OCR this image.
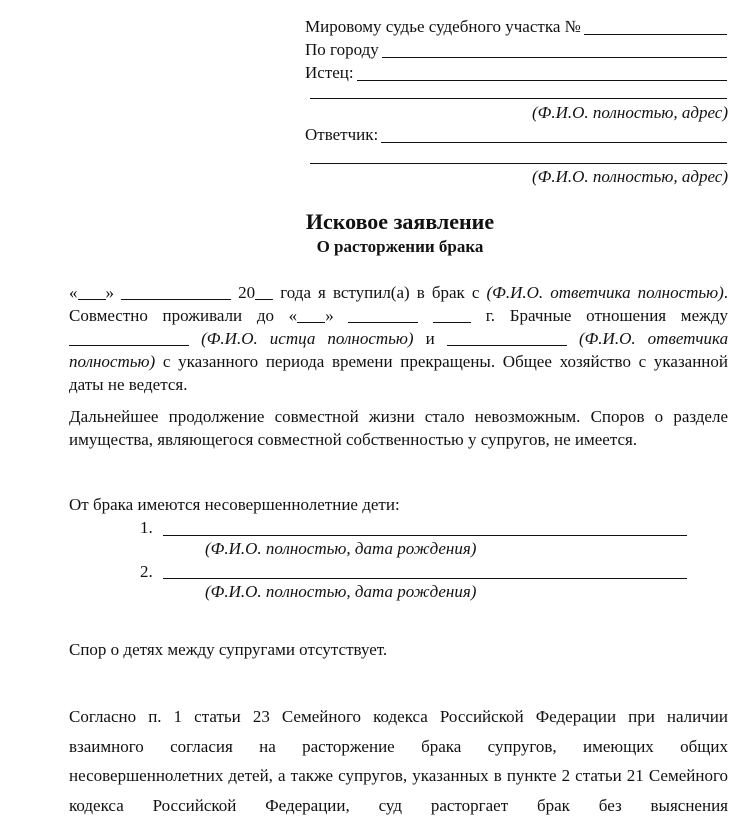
Мировому судье судебного участка №
По городу
Истец:
(Ф.И.О. полностью, адрес)
Ответчик:
(Ф.И.О. полностью, адрес)
Исковое заявление
О расторжении брака
« »	20 года я вступил(а) в брак с (Ф.И.О. ответчика полностью). Совместно проживали до « »	г. Брачные отношения между (Ф.И.О. истца полностью) и	(Ф.И.О. ответчика полностью) с указанного периода времени прекращены. Общее хозяйство с указанной даты не ведется.
Дальнейшее продолжение совместной жизни стало невозможным. Споров о разделе имущества, являющегося совместной собственностью у супругов, не имеется.
От брака имеются несовершеннолетние дети:
1.
(Ф.И.О. полностью, дата рождения)
2.
(Ф.И.О. полностью, дата рождения)
Спор о детях между супругами отсутствует.
Согласно п. 1 статьи 23 Семейного кодекса Российской Федерации при наличии взаимного согласия на расторжение брака супругов, имеющих общих несовершеннолетних детей, а также супругов, указанных в пункте 2 статьи 21 Семейного кодекса Российской Федерации, суд расторгает брак без выяснения
